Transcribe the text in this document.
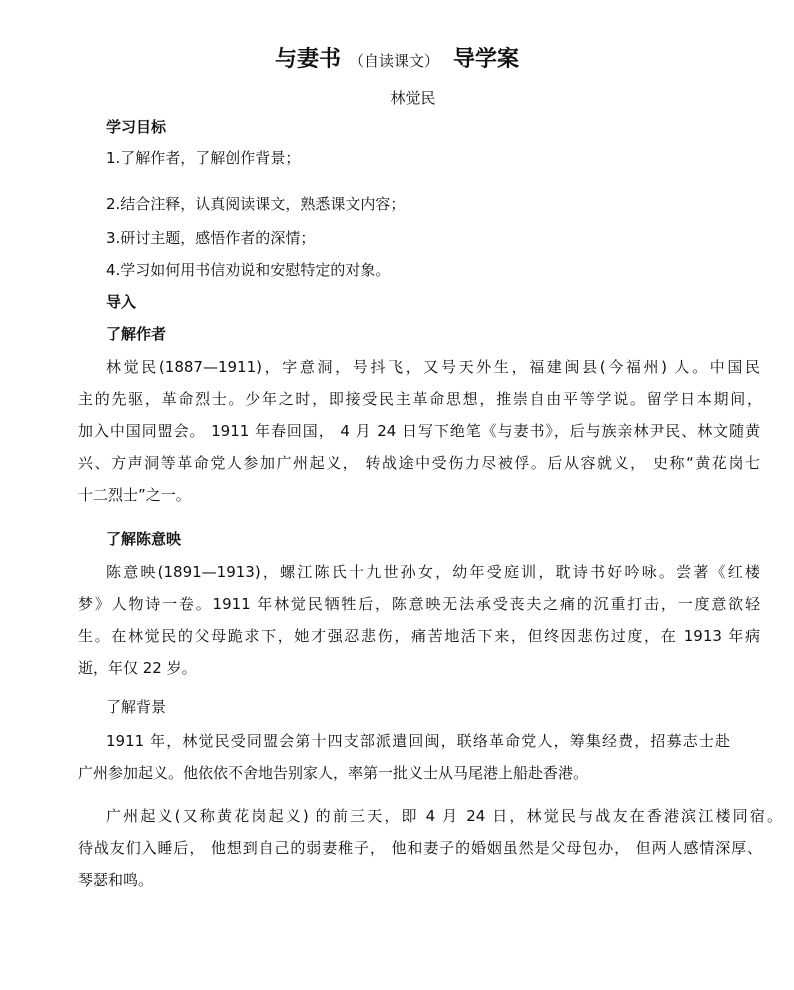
与妻书 （自读课文） 导学案
林觉民
学习目标
1.了解作者，了解创作背景；
2.结合注释，认真阅读课文，熟悉课文内容；
3.研讨主题，感悟作者的深情；
4.学习如何用书信劝说和安慰特定的对象。
导入
了解作者
林觉民(1887—1911)，字意洞，号抖飞，又号天外生，福建闽县(今福州) 人。中国民
主的先驱，革命烈士。少年之时，即接受民主革命思想，推崇自由平等学说。留学日本期间，
加入中国同盟会。 1911 年春回国， 4 月 24 日写下绝笔《与妻书》，后与族亲林尹民、林文随黄
兴、方声洞等革命党人参加广州起义， 转战途中受伤力尽被俘。后从容就义， 史称“黄花岗七
十二烈士”之一。
了解陈意映
陈意映(1891—1913)，螺江陈氏十九世孙女，幼年受庭训，耽诗书好吟咏。尝著《红楼
梦》人物诗一卷。1911 年林觉民牺牲后，陈意映无法承受丧夫之痛的沉重打击，一度意欲轻
生。在林觉民的父母跪求下，她才强忍悲伤，痛苦地活下来，但终因悲伤过度，在 1913 年病
逝，年仅 22 岁。
了解背景
1911 年，林觉民受同盟会第十四支部派遣回闽，联络革命党人，筹集经费，招募志士赴
广州参加起义。他依依不舍地告别家人，率第一批义士从马尾港上船赴香港。
广州起义(又称黄花岗起义) 的前三天，即 4 月 24 日，林觉民与战友在香港滨江楼同宿。
待战友们入睡后， 他想到自己的弱妻稚子， 他和妻子的婚姻虽然是父母包办， 但两人感情深厚、
琴瑟和鸣。
